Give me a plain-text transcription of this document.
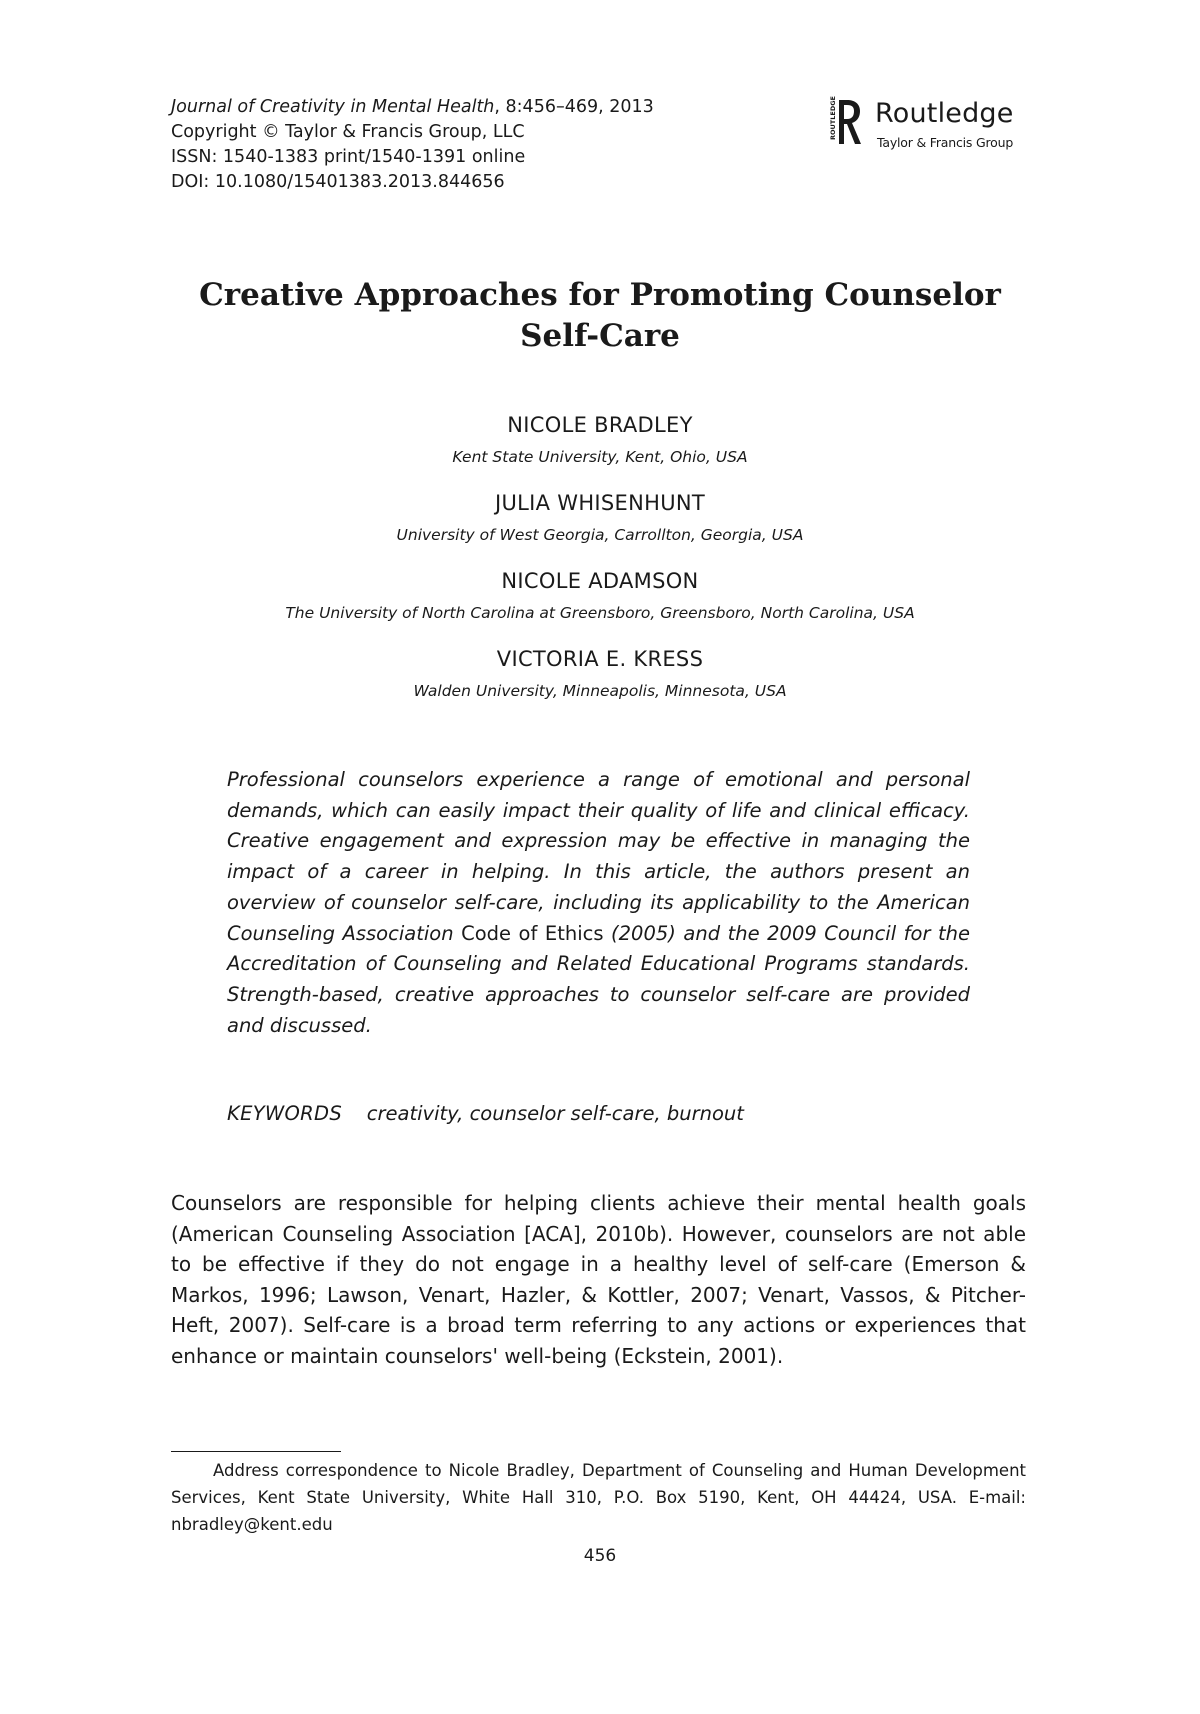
Journal of Creativity in Mental Health, 8:456–469, 2013
Copyright © Taylor & Francis Group, LLC
ISSN: 1540-1383 print/1540-1391 online
DOI: 10.1080/15401383.2013.844656
ROUTLEDGE Routledge
Taylor & Francis Group
Creative Approaches for Promoting Counselor
Self-Care
NICOLE BRADLEY
Kent State University, Kent, Ohio, USA
JULIA WHISENHUNT
University of West Georgia, Carrollton, Georgia, USA
NICOLE ADAMSON
The University of North Carolina at Greensboro, Greensboro, North Carolina, USA
VICTORIA E. KRESS
Walden University, Minneapolis, Minnesota, USA
Professional counselors experience a range of emotional and personal demands, which can easily impact their quality of life and clinical efficacy. Creative engagement and expression may be effective in managing the impact of a career in helping. In this article, the authors present an overview of counselor self-care, including its applicability to the American Counseling Association Code of Ethics (2005) and the 2009 Council for the Accreditation of Counseling and Related Educational Programs standards. Strength-based, creative approaches to counselor self-care are provided and discussed.
KEYWORDS creativity, counselor self-care, burnout
Counselors are responsible for helping clients achieve their mental health goals (American Counseling Association [ACA], 2010b). However, counselors are not able to be effective if they do not engage in a healthy level of self-care (Emerson & Markos, 1996; Lawson, Venart, Hazler, & Kottler, 2007; Venart, Vassos, & Pitcher-Heft, 2007). Self-care is a broad term referring to any actions or experiences that enhance or maintain counselors' well-being (Eckstein, 2001).
Address correspondence to Nicole Bradley, Department of Counseling and Human Development Services, Kent State University, White Hall 310, P.O. Box 5190, Kent, OH 44424, USA. E-mail: nbradley@kent.edu
456
